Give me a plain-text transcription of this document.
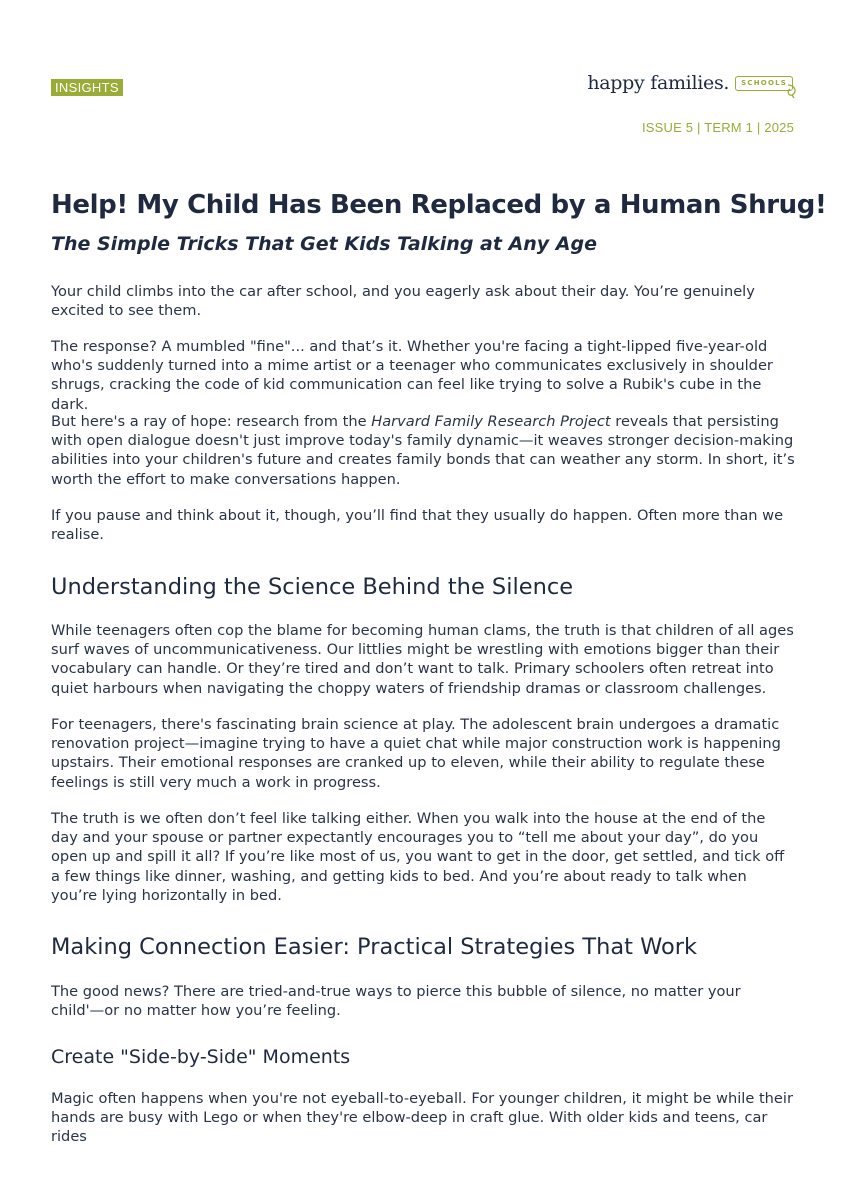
INSIGHTS	happy families.	SCHOOLS
ISSUE 5 | TERM 1 | 2025
Help! My Child Has Been Replaced by a Human Shrug!
The Simple Tricks That Get Kids Talking at Any Age

Your child climbs into the car after school, and you eagerly ask about their day. You’re genuinely excited to see them.

The response? A mumbled "fine"... and that’s it. Whether you're facing a tight-lipped five-year-old who's suddenly turned into a mime artist or a teenager who communicates exclusively in shoulder shrugs, cracking the code of kid communication can feel like trying to solve a Rubik's cube in the dark.

But here's a ray of hope: research from the Harvard Family Research Project reveals that persisting with open dialogue doesn't just improve today's family dynamic—it weaves stronger decision-making abilities into your children's future and creates family bonds that can weather any storm. In short, it’s worth the effort to make conversations happen.

If you pause and think about it, though, you’ll find that they usually do happen. Often more than we realise.

Understanding the Science Behind the Silence

While teenagers often cop the blame for becoming human clams, the truth is that children of all ages surf waves of uncommunicativeness. Our littlies might be wrestling with emotions bigger than their vocabulary can handle. Or they’re tired and don’t want to talk. Primary schoolers often retreat into quiet harbours when navigating the choppy waters of friendship dramas or classroom challenges.

For teenagers, there's fascinating brain science at play. The adolescent brain undergoes a dramatic renovation project—imagine trying to have a quiet chat while major construction work is happening upstairs. Their emotional responses are cranked up to eleven, while their ability to regulate these feelings is still very much a work in progress.

The truth is we often don’t feel like talking either. When you walk into the house at the end of the day and your spouse or partner expectantly encourages you to “tell me about your day”, do you open up and spill it all? If you’re like most of us, you want to get in the door, get settled, and tick off a few things like dinner, washing, and getting kids to bed. And you’re about ready to talk when you’re lying horizontally in bed.

Making Connection Easier: Practical Strategies That Work

The good news? There are tried-and-true ways to pierce this bubble of silence, no matter your child'—or no matter how you’re feeling.

Create "Side-by-Side" Moments

Magic often happens when you're not eyeball-to-eyeball. For younger children, it might be while their hands are busy with Lego or when they're elbow-deep in craft glue. With older kids and teens, car rides
